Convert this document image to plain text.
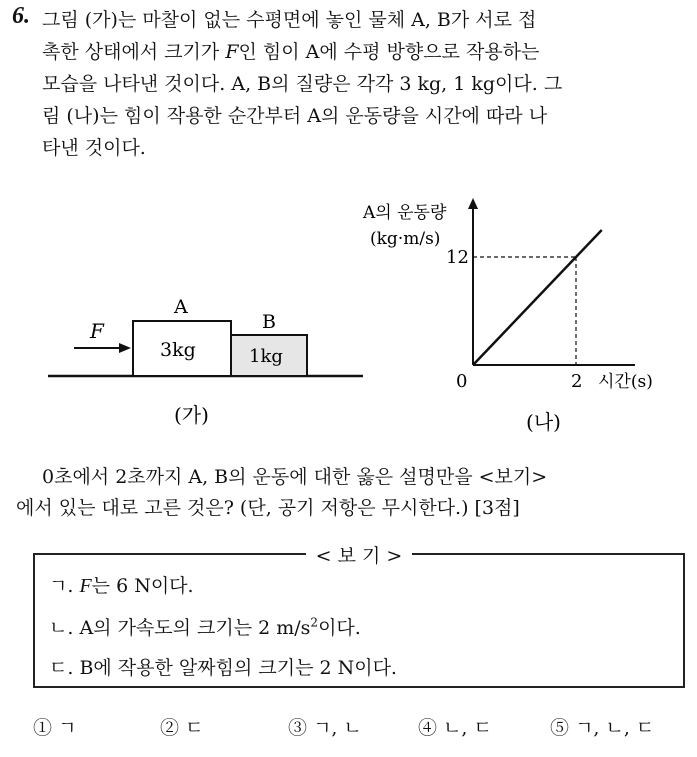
6. 그림 (가)는 마찰이 없는 수평면에 놓인 물체 A, B가 서로 접
촉한 상태에서 크기가 F인 힘이 A에 수평 방향으로 작용하는
모습을 나타낸 것이다. A, B의 질량은 각각 3 kg, 1 kg이다. 그
림 (나)는 힘이 작용한 순간부터 A의 운동량을 시간에 따라 나
타낸 것이다.
F
A
3kg
B
1kg
(가)
A의 운동량
(kg·m/s)
12
0	2 시간(s)
(나)
0초에서 2초까지 A, B의 운동에 대한 옳은 설명만을 <보기>
에서 있는 대로 고른 것은? (단, 공기 저항은 무시한다.) [3점]
< 보 기 >
ㄱ. F는 6 N이다.
ㄴ. A의 가속도의 크기는 2 $m/s^2$이다.
ㄷ. B에 작용한 알짜힘의 크기는 2 N이다.
① ㄱ	② ㄷ	③ ㄱ, ㄴ	④ ㄴ, ㄷ	⑤ ㄱ, ㄴ, ㄷ
